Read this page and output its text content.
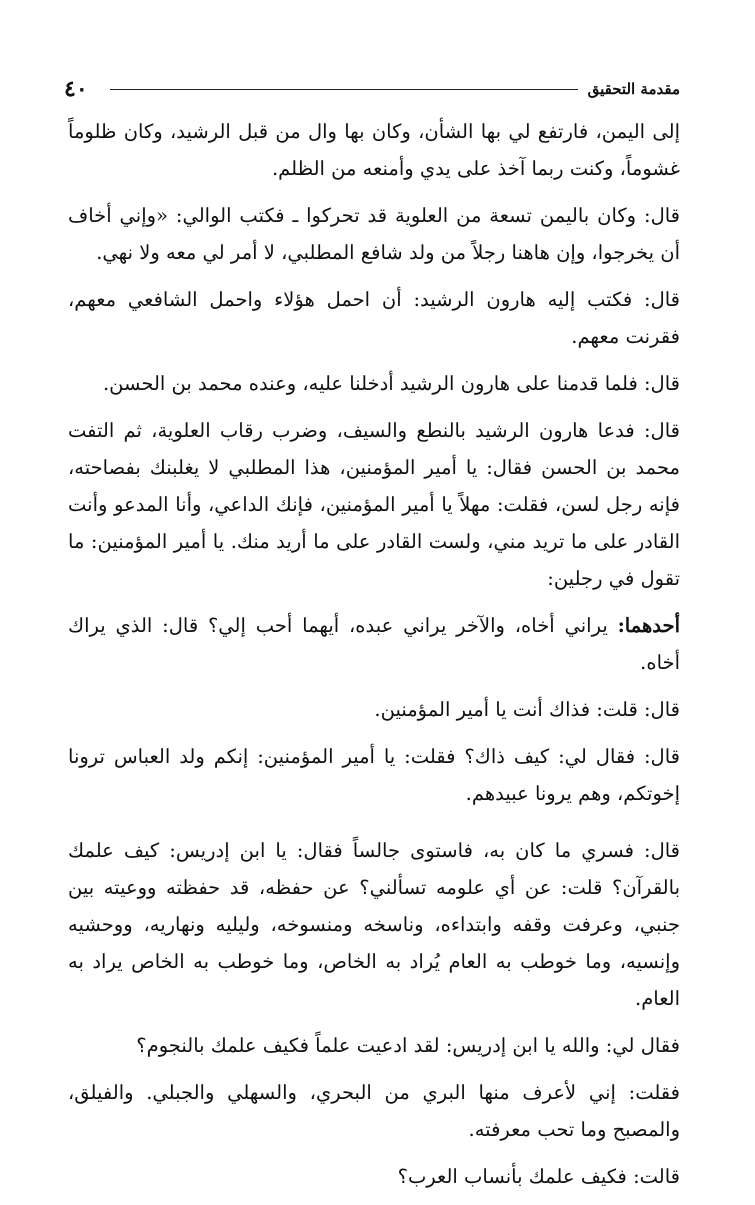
٤٠	مقدمة التحقيق

إلى اليمن، فارتفع لي بها الشأن، وكان بها وال من قبل الرشيد، وكان ظلوماً غشوماً، وكنت ربما آخذ على يدي وأمنعه من الظلم.

قال: وكان باليمن تسعة من العلوية قد تحركوا ـ فكتب الوالي: «وإني أخاف أن يخرجوا، وإن هاهنا رجلاً من ولد شافع المطلبي، لا أمر لي معه ولا نهي.

قال: فكتب إليه هارون الرشيد: أن احمل هؤلاء واحمل الشافعي معهم، فقرنت معهم.

قال: فلما قدمنا على هارون الرشيد أدخلنا عليه، وعنده محمد بن الحسن.

قال: فدعا هارون الرشيد بالنطع والسيف، وضرب رقاب العلوية، ثم التفت محمد بن الحسن فقال: يا أمير المؤمنين، هذا المطلبي لا يغلبنك بفصاحته، فإنه رجل لسن، فقلت: مهلاً يا أمير المؤمنين، فإنك الداعي، وأنا المدعو وأنت القادر على ما تريد مني، ولست القادر على ما أريد منك. يا أمير المؤمنين: ما تقول في رجلين:

أحدهما: يراني أخاه، والآخر يراني عبده، أيهما أحب إلي؟ قال: الذي يراك أخاه.

قال: قلت: فذاك أنت يا أمير المؤمنين.

قال: فقال لي: كيف ذاك؟ فقلت: يا أمير المؤمنين: إنكم ولد العباس ترونا إخوتكم، وهم يرونا عبيدهم.

قال: فسري ما كان به، فاستوى جالساً فقال: يا ابن إدريس: كيف علمك بالقرآن؟ قلت: عن أي علومه تسألني؟ عن حفظه، قد حفظته ووعيته بين جنبي، وعرفت وقفه وابتداءه، وناسخه ومنسوخه، وليليه ونهاريه، ووحشيه وإنسيه، وما خوطب به العام يُراد به الخاص، وما خوطب به الخاص يراد به العام.

فقال لي: والله يا ابن إدريس: لقد ادعيت علماً فكيف علمك بالنجوم؟

فقلت: إني لأعرف منها البري من البحري، والسهلي والجبلي. والفيلق، والمصبح وما تحب معرفته.

قالت: فكيف علمك بأنساب العرب؟
